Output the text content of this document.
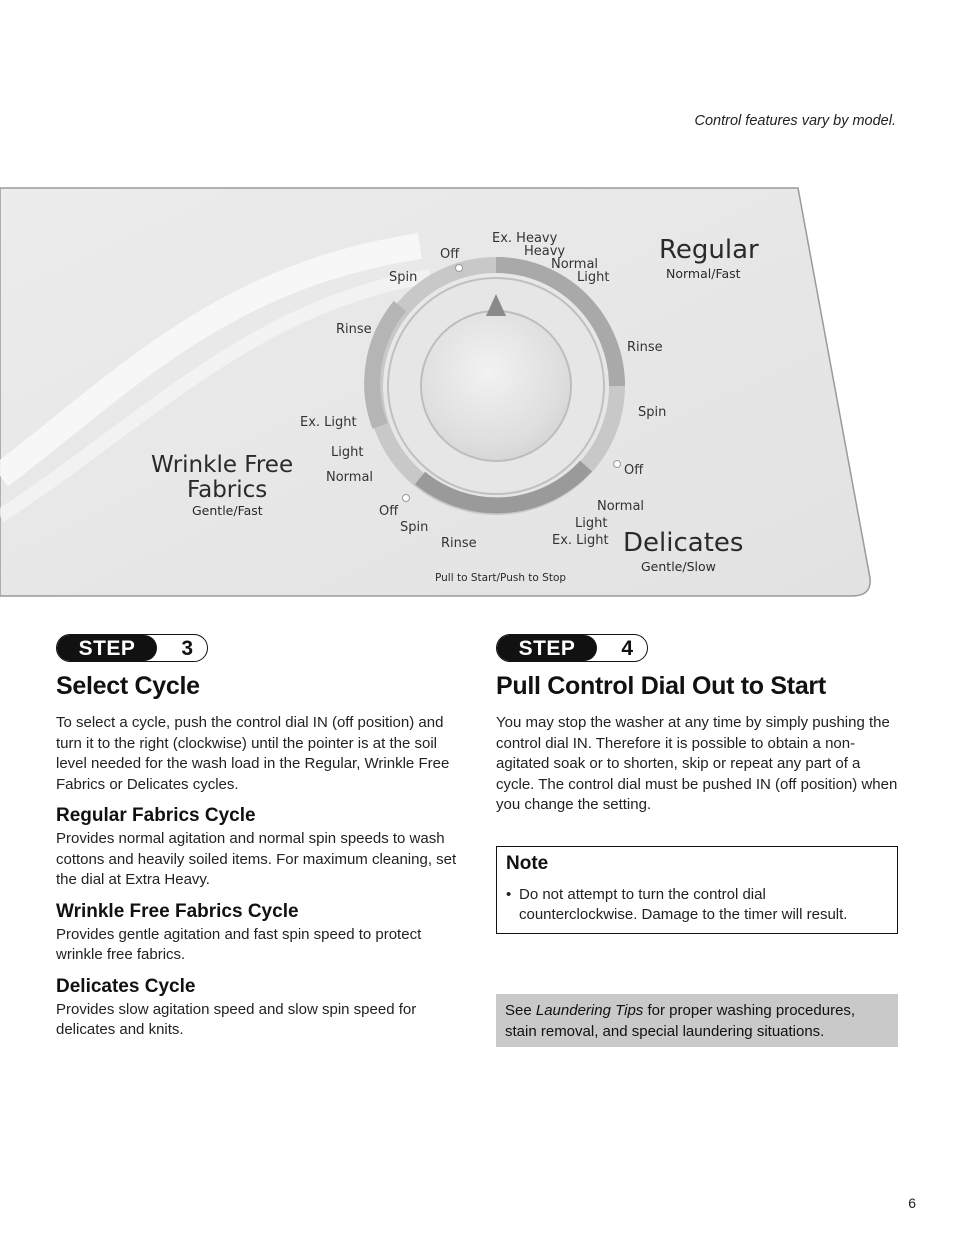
Control features vary by model.
Ex. Heavy
Heavy
Normal
Light
Rinse
Spin
Off
Normal
Light
Ex. Light
Rinse
Spin
Off
Normal
Light
Ex. Light
Rinse
Spin
Off	Regular
Normal/Fast
Wrinkle Free
Fabrics
Gentle/Fast
Delicates
Gentle/Slow
Pull to Start/Push to Stop
STEP	3
Select Cycle

To select a cycle, push the control dial IN (off position) and turn it to the right (clockwise) until the pointer is at the soil level needed for the wash load in the Regular, Wrinkle Free Fabrics or Delicates cycles.

Regular Fabrics Cycle

Provides normal agitation and normal spin speeds to wash cottons and heavily soiled items. For maximum cleaning, set the dial at Extra Heavy.

Wrinkle Free Fabrics Cycle

Provides gentle agitation and fast spin speed to protect wrinkle free fabrics.

Delicates Cycle

Provides slow agitation speed and slow spin speed for delicates and knits.

STEP	4
Pull Control Dial Out to Start

You may stop the washer at any time by simply pushing the control dial IN. Therefore it is possible to obtain a non-agitated soak or to shorten, skip or repeat any part of a cycle. The control dial must be pushed IN (off position) when you change the setting.

Note
• Do not attempt to turn the control dial counterclockwise. Damage to the timer will result.
See Laundering Tips for proper washing procedures, stain removal, and special laundering situations.
6
